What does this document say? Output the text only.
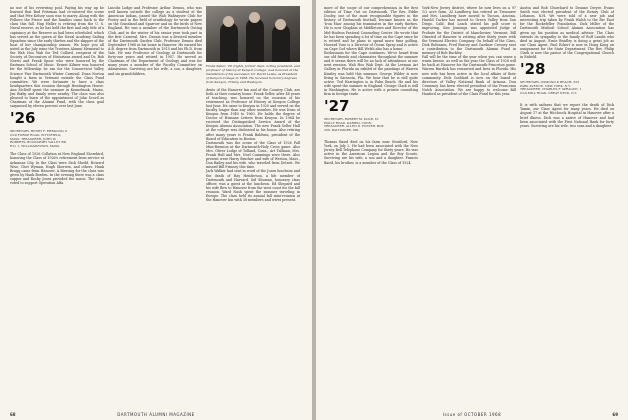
no use of his reviewing pool. Paying his way up he learned that Bud Pritzman had re-entered the scene and that Pete Kelsey soon was to marry. Along with the Fellows the Pierce and the families came back to the class this fall. Hap Heller is retiring from the U. S. Naval reserve, as he has held the first and only title of a captaincy at the Reserve as had been scheduled, which has served as the queen of the Naval Academy Sailing Squadron since the early thirties and the skipper of the boat of her championship season. We hope you all noted in the July issue the Trustees Alumni Memorial to the Wah Hoo Wah for Ted Collard, recipient of the Society of Decorators of Historians award and Dr. Bob Norris and Frank Spoor who were honored by the Eastman School of Music. Ernest Kilmer was honored for the fellowship he ran for the Connecticut Valley Science Fair Dartmouth Winter Carnival. Dean Norton bought a farm in Vermont outside the Class Fund committee. We were fortunate to have a class headquarters this reunion through Huntington House. Ann McDuff spent the summer in Kennebunk, Maine, Jim Bixby and family were nearby. The class was also pleased to learn of the appointment of John Scovil as Chairman of the Alumni Fund, with the class goal surpassed by eleven percent over last June.

'26 SECRETARY, HENRY F. EHRGOOD, 6 OLD FORGE ROAD, PITTSFIELD, MASS. TREASURER, JOHN W. ROBERTS, BUCKSPORT VALLEY RD. R.D. 1, WILLIAMSTOWN, MASS.

The Class of 1926 Collation at New England Shorebird, honoring the Class of 1926's retirement from service at Arkansas City. In the Class were Dick Sheild, Howard Wise, Chet Wyman, Hugh Sherwin, and others. Hank Bragg came from Hanover. A blessing for the class was given by Hank Borden. In the evening there was a class supper and Rocky Jones provided the music. The class voted to support Operation Alfa.

Lincoln Lodge and Professor Arthur Dennis, who was well known outside the college as a student of the American Indian, joined the Wah Wahtaysee Club for Poetry and in the field of ornithology he wrote papers on the Grassland and Sparrow and on the birds of New England. He was a member of the Dartmouth Outing Club, and in the winter of his senior year took part in the first Carnival. Mrs. Dennis was a devoted member of the Dartmouth Garden Club. Professor Dennis died September 1968 at his home in Hanover. He earned his A.B. degree from Dartmouth in 1915 and his Ph.D. from Yale. He was Professor of Geology at Dartmouth for forty-one years and retired in 1957. He served as Chairman of the Department of Geology and was for many years a member of the Faculty Committee on Admissions. Surviving are his wife, a son, a daughter, and six grandchildren.

Frank Seller, '26 (right), former dean, acting president, and professor of history at Kenyon College, was honored at the installation of his successor, Dr. David Lewis, as President of Kenyon College in 1968. He received honorary degrees from Kenyon, Trinity, and Wesleyan.

dents of the Hanover Inn and of the Country Club, are both at their country home. Frank Seller, after 48 years of teaching, was honored on the occasion of his retirement as Professor of History at Kenyon College last June. He came to Kenyon in 1920 and served on the faculty longer than any other member. He was Dean of Kenyon from 1940 to 1960. He holds the degree of Doctor of Humane Letters from Kenyon. In 1964 he received the Distinguished Service Award of the Kenyon Alumni Association. The new Frank Seller Hall at the college was dedicated in his honor. Also retiring after many years is Frank Baldwin, president of the Board of Education in Boston.

Dartmouth was the scene of the Class of 1926 Fall Mini-Reunion at the Dartmouth-Holy Cross game. Also Mrs. Oliver Lodge of Tolland, Conn., Art Tallman, Mrs. Frank Hull and Mrs. Noel Cummings were there. Also present were Harry Brucker and wife of Weston, Mass., Don Bailey and his wife, who traveled from Detroit. We missed Bill Frinney this time.

Jack Walker had sent in word of the Jones luncheon and the death of Ray Henderson, a life member of Dartmouth and Harvard. Sid Shuman, honorary class officer, was a guest at the luncheon. Ed Shepard and his wife flew to Hanover from the west coast for the fall reunion. Ward Nash spent the summer traveling in Europe. The class held its annual fall mini-reunion at the Hanover Inn with 38 members and wives present.

68	DARTMOUTH ALUMNI MAGAZINE

more of the scope of our comprehension in the first edition of Time Out on Dartmouth. The Rev. Eddie Dooley, one of the most recognizable figures in the history of Dartmouth football, became known as the 'Iron Man' among his teammates in the early thirties. He is now Chaplain at Middletown and Director of the Mid-Hudson Pastoral Counseling Center. He wrote that he has been spending a lot of time on the Cape since he is retired and he plans to spend more time golfing. Howard Vose is a Director of Ocean Spray and is active on Cape Cod where Bill Welsh also has a home.

Enthusiasm for the Cape continues. We've heard from our old friends and classmates throughout the summer and it seems there will be no lack of attendance at our next reunion. Wah Hoo Wah Dept. At the Leeman Art Gallery in Florida an exhibit of the paintings of Warren Kinsley was held this summer. George Wilder is now living in Sarasota, Fla. We hear that he is still quite active. Ted Harrington is in Palm Beach. He and his wife spent the summer in England. George Clark is still in Washington. He is active with a private consulting firm in foreign trade.

'27 SECRETARY, ROBERT M. KOLB, 10 HOLLY ROAD, DARIEN, CONN. TREASURER, ALLEN D. FOSTER, BOX 206, BALTIMORE, MD.

Thomas Baird died on his farm near Stratford, New York, on July 2. He had been associated with the New Jersey Bell Telephone Company for thirty years. He was active in the American Legion and the Boy Scouts. Surviving are his wife, a son and a daughter. Francis Baird, his brother, is a member of the Class of 1924.

York-New Jersey district, where he now lives on a 97 1/2 acre farm. Al Lundberg has retired as Treasurer and Mrs. Lundberg have moved to Tucson, Arizona. Harold Tucker has moved to Green Valley from San Diego, Calif. Bud Leach stated his golf score is improving. Ken Jennings was appointed Judge of Probate for the District of Manchester, Vermont. Bill Olmsted of Hanover is retiring after thirty years with the Vermont Electric Company. On behalf of the Class, Dick Robinson, Fred Bracey and Gardner Cressey sent a contribution to the Dartmouth Alumni Fund in memory of Bob Buckley.

Fall will be the time of the year when you can sense a warm breeze, as well as the year the Class of 1928 will be back at Hanover for the Dartmouth-Princeton game. Warren Burdick has remarried and lives in Florida. His new wife has been active in the local affairs of their community. Dick Goddard is now on the board of directors of Valley National Bank of Arizona. Don Crummey has been elected president of the Franconia Notch Association. We are happy to welcome Bill Hanford as president of the Class Fund for this year.

Austin and Bob Churchard to Deanne Dwyer. Evans Smith was elected president of the Rotary Club of Lebanon, N.H. We were told of a new job and interesting trip taken by Frank Walsh to the Far East for the Rockefeller Foundation. Dick Miller of the Dartmouth Medical School Alumni Association has given up his position as medical advisor. The Class extends its sympathy to the family of Rolf Landis who died in August. Ernie Bradley is doing a great job as our Class Agent. Paul Eckert is now in Hong Kong on assignment for the State Department. The Rev. Philip Clark is now the pastor of the Congregational Church in Enfield.

'28 SECRETARY, OSMOND P. BEACH, 555 PARK AVENUE, NEW YORK, N.Y. TREASURER, CHARLES F. SPRAGUE, 1 OLD MILL ROAD, GREAT NECK, N.Y.

It is with sadness that we report the death of Dick Tamm, our Class Agent for many years. He died on August 17 at the Hitchcock Hospital in Hanover after a brief illness. Dick was a native of Hanover and had been associated with the First National Bank for forty years. Surviving are his wife, two sons and a daughter.

Issue of OCTOBER 1968	69
